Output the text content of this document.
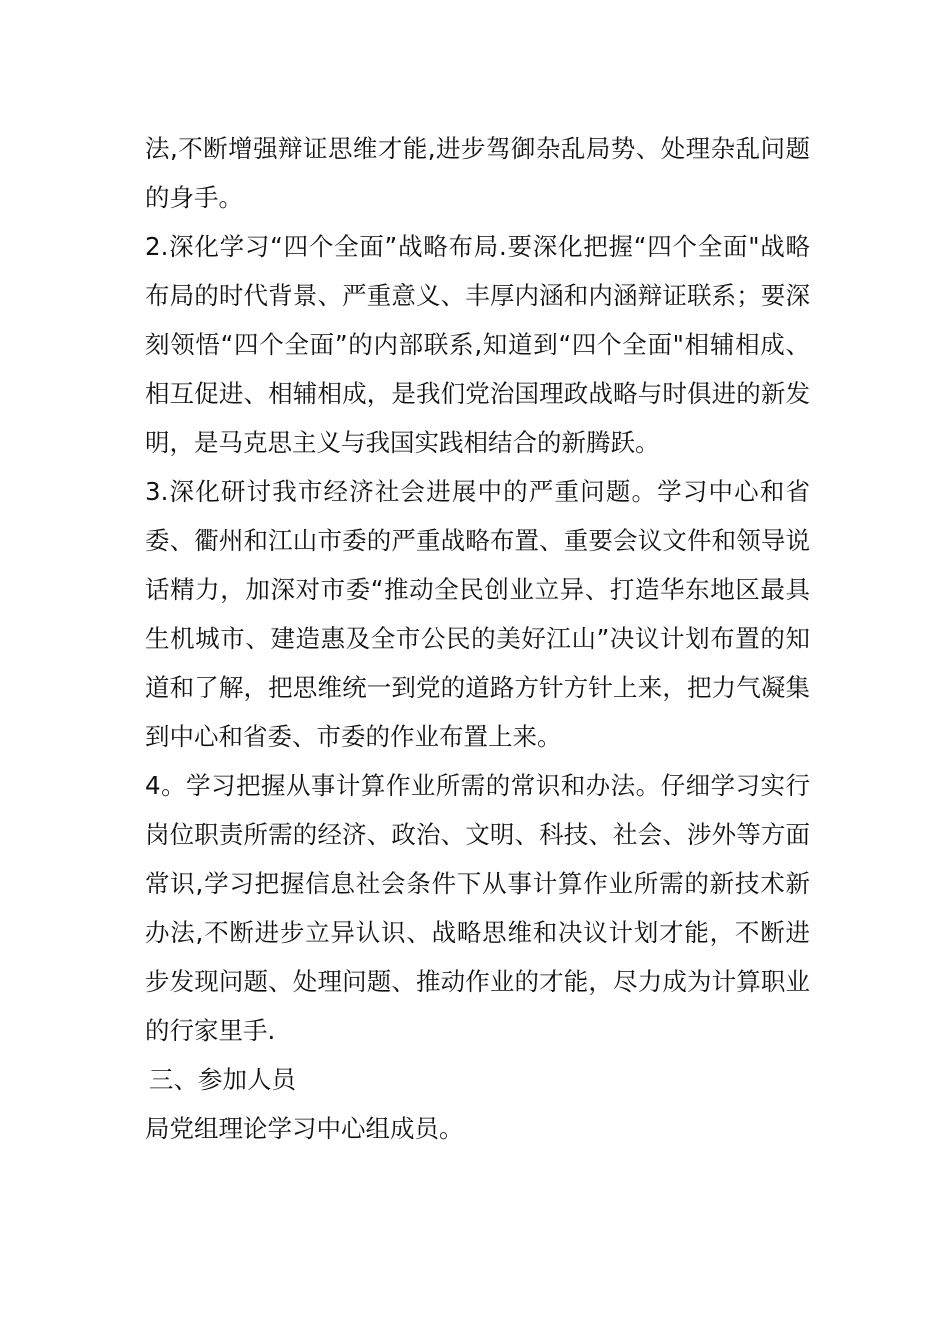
法,不断增强辩证思维才能,进步驾御杂乱局势、处理杂乱问题的身手。

2.深化学习“四个全面”战略布局.要深化把握“四个全面"战略布局的时代背景、严重意义、丰厚内涵和内涵辩证联系；要深刻领悟“四个全面”的内部联系,知道到“四个全面"相辅相成、相互促进、相辅相成，是我们党治国理政战略与时俱进的新发明，是马克思主义与我国实践相结合的新腾跃。

3.深化研讨我市经济社会进展中的严重问题。学习中心和省委、衢州和江山市委的严重战略布置、重要会议文件和领导说话精力，加深对市委“推动全民创业立异、打造华东地区最具生机城市、建造惠及全市公民的美好江山”决议计划布置的知道和了解，把思维统一到党的道路方针方针上来，把力气凝集到中心和省委、市委的作业布置上来。

4。学习把握从事计算作业所需的常识和办法。仔细学习实行岗位职责所需的经济、政治、文明、科技、社会、涉外等方面常识,学习把握信息社会条件下从事计算作业所需的新技术新办法,不断进步立异认识、战略思维和决议计划才能，不断进步发现问题、处理问题、推动作业的才能，尽力成为计算职业的行家里手.

三、参加人员

局党组理论学习中心组成员。
